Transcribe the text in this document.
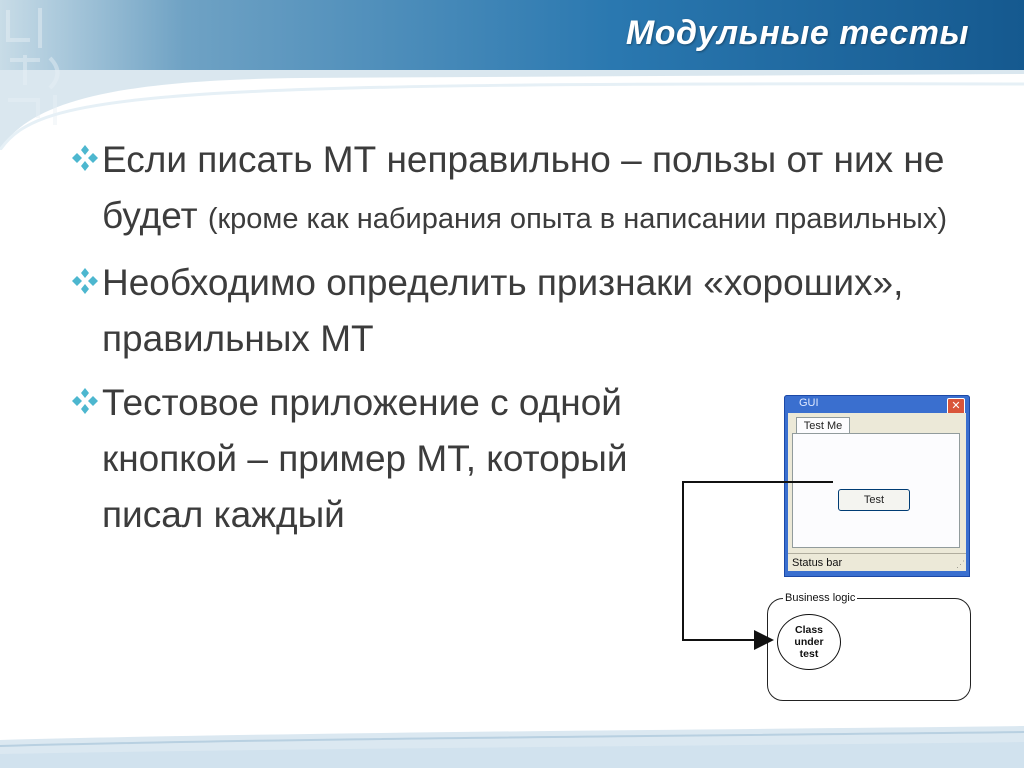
Модульные тесты
Если писать МТ неправильно – пользы от них не будет (кроме как набирания опыта в написании правильных)
Необходимо определить признаки «хороших», правильных МТ
Тестовое приложение с одной кнопкой – пример МТ, который писал каждый
GUI	✕
Test Me
Test
Status bar	⋰
Business logic
Class under test
